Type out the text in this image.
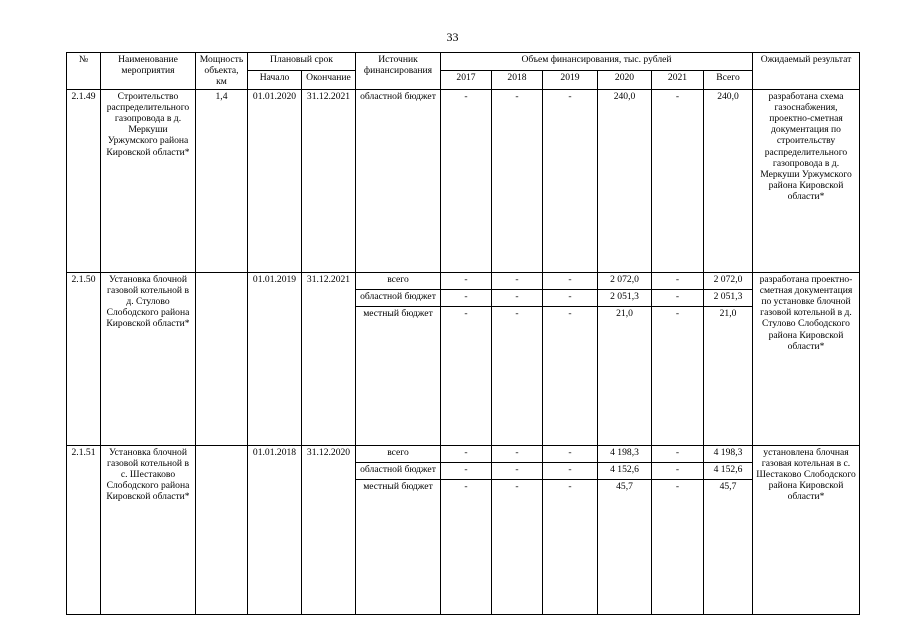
33
№	Наименование мероприятия	Мощность объекта, км	Плановый срок		Источник финансирования	Объем финансирования, тыс. рублей						Ожидаемый результат
			Начало	Окончание		2017	2018	2019	2020	2021	Всего	
2.1.49	Строительство распределительного газопровода в д. Меркуши Уржумского района Кировской области*	1,4	01.01.2020	31.12.2021	областной бюджет	-	-	-	240,0	-	240,0	разработана схема газоснабжения, проектно-сметная документация по строительству распределительного газопровода в д. Меркуши Уржумского района Кировской области*
2.1.50	Установка блочной газовой котельной в д. Стулово Слободского района Кировской области*		01.01.2019	31.12.2021	всего	-	-	-	2 072,0	-	2 072,0	разработана проектно-сметная документация по установке блочной газовой котельной в д. Стулово Слободского района Кировской области*
					областной бюджет	-	-	-	2 051,3	-	2 051,3	
					местный бюджет	-	-	-	21,0	-	21,0	
2.1.51	Установка блочной газовой котельной в с. Шестаково Слободского района Кировской области*		01.01.2018	31.12.2020	всего	-	-	-	4 198,3	-	4 198,3	установлена блочная газовая котельная в с. Шестаково Слободского района Кировской области*
					областной бюджет	-	-	-	4 152,6	-	4 152,6	
					местный бюджет	-	-	-	45,7	-	45,7	
